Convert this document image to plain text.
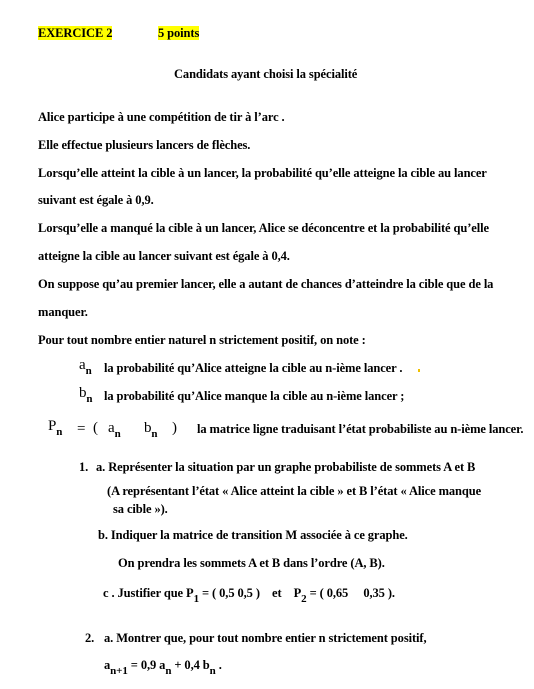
EXERCICE 2	5 points
Candidats ayant choisi la spécialité
Alice participe à une compétition de tir à l’arc .
Elle effectue plusieurs lancers de flèches.
Lorsqu’elle atteint la cible à un lancer, la probabilité qu’elle atteigne la cible au lancer
suivant est égale à 0,9.
Lorsqu’elle a manqué la cible à un lancer, Alice se déconcentre et la probabilité qu’elle
atteigne la cible au lancer suivant est égale à 0,4.
On suppose qu’au premier lancer, elle a autant de chances d’atteindre la cible que de la
manquer.
Pour tout nombre entier naturel n strictement positif, on note :
an la probabilité qu’Alice atteigne la cible au n-ième lancer .
bn la probabilité qu’Alice manque la cible au n-ième lancer ;
Pn = ( an bn ) la matrice ligne traduisant l’état probabiliste au n-ième lancer.
1. a. Représenter la situation par un graphe probabiliste de sommets A et B
(A représentant l’état « Alice atteint la cible » et B l’état « Alice manque
sa cible »).
b. Indiquer la matrice de transition M associée à ce graphe.
On prendra les sommets A et B dans l’ordre (A, B).
c . Justifier que P1 = ( 0,5 0,5 )    et    P2 = ( 0,65     0,35 ).
2. a. Montrer que, pour tout nombre entier n strictement positif,
an+1 = 0,9 an + 0,4 bn .
